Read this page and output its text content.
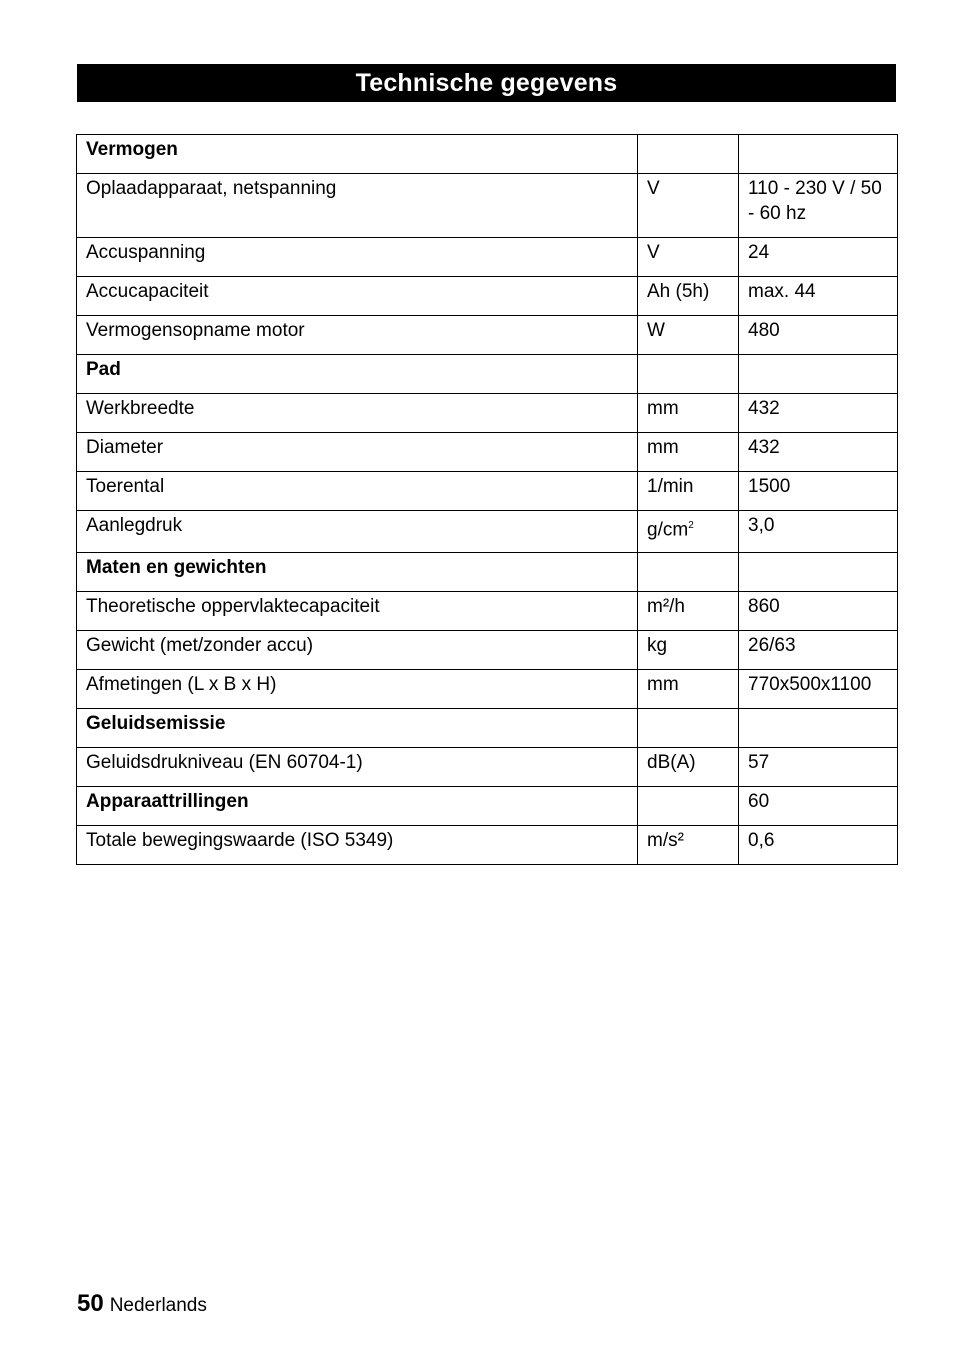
Technische gegevens
Vermogen		
Oplaadapparaat, netspanning	V	110 - 230 V / 50 - 60 hz
Accuspanning	V	24
Accucapaciteit	Ah (5h)	max. 44
Vermogensopname motor	W	480
Pad		
Werkbreedte	mm	432
Diameter	mm	432
Toerental	1/min	1500
Aanlegdruk	$g/cm^2$	3,0
Maten en gewichten		
Theoretische oppervlaktecapaciteit	m²/h	860
Gewicht (met/zonder accu)	kg	26/63
Afmetingen (L x B x H)	mm	770x500x1100
Geluidsemissie		
Geluidsdrukniveau (EN 60704-1)	dB(A)	57
Apparaattrillingen		60
Totale bewegingswaarde (ISO 5349)	m/s²	0,6
50 Nederlands
